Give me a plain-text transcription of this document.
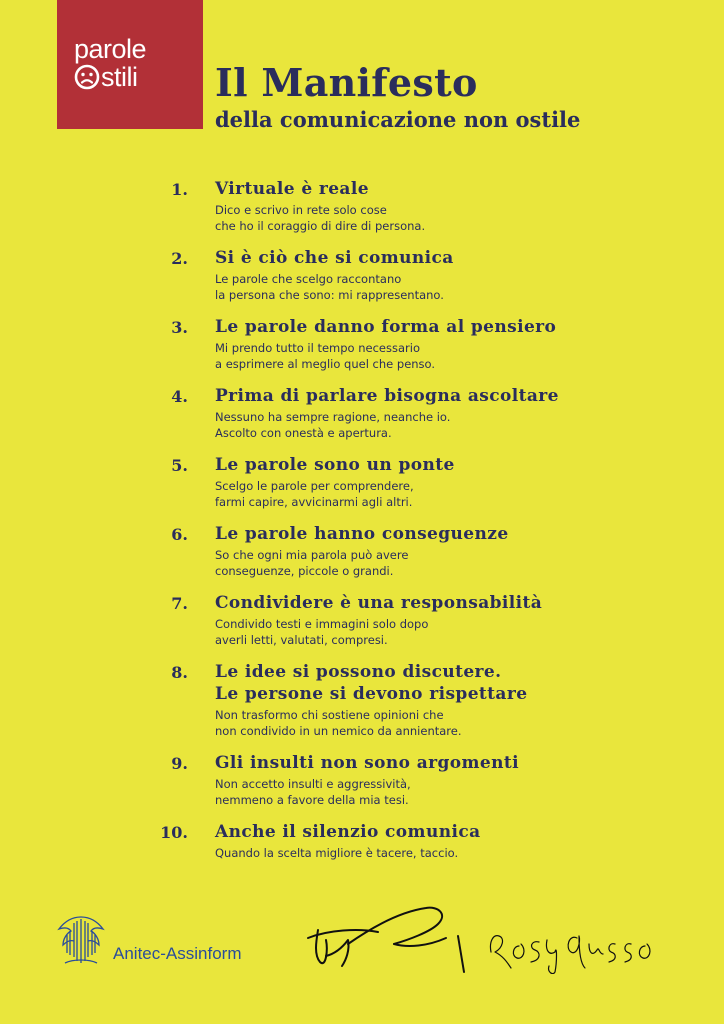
parole
stili Il Manifesto
della comunicazione non ostile
1. Virtuale è reale
Dico e scrivo in rete solo cose
che ho il coraggio di dire di persona.
2. Si è ciò che si comunica
Le parole che scelgo raccontano
la persona che sono: mi rappresentano.
3. Le parole danno forma al pensiero
Mi prendo tutto il tempo necessario
a esprimere al meglio quel che penso.
4. Prima di parlare bisogna ascoltare
Nessuno ha sempre ragione, neanche io.
Ascolto con onestà e apertura.
5. Le parole sono un ponte
Scelgo le parole per comprendere,
farmi capire, avvicinarmi agli altri.
6. Le parole hanno conseguenze
So che ogni mia parola può avere
conseguenze, piccole o grandi.
7. Condividere è una responsabilità
Condivido testi e immagini solo dopo
averli letti, valutati, compresi.
8. Le idee si possono discutere.
Le persone si devono rispettare
Non trasformo chi sostiene opinioni che
non condivido in un nemico da annientare.
9. Gli insulti non sono argomenti
Non accetto insulti e aggressività,
nemmeno a favore della mia tesi.
10. Anche il silenzio comunica
Quando la scelta migliore è tacere, taccio.
Anitec-Assinform
